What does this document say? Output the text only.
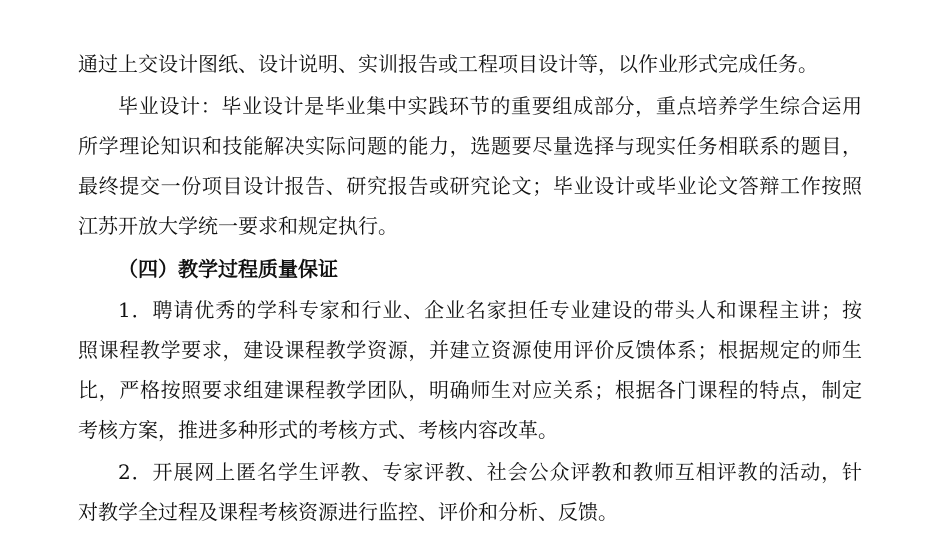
通过上交设计图纸、设计说明、实训报告或工程项目设计等，以作业形式完成任务。
毕业设计：毕业设计是毕业集中实践环节的重要组成部分，重点培养学生综合运用
所学理论知识和技能解决实际问题的能力，选题要尽量选择与现实任务相联系的题目，
最终提交一份项目设计报告、研究报告或研究论文；毕业设计或毕业论文答辩工作按照
江苏开放大学统一要求和规定执行。
（四）教学过程质量保证
1．聘请优秀的学科专家和行业、企业名家担任专业建设的带头人和课程主讲；按
照课程教学要求，建设课程教学资源，并建立资源使用评价反馈体系；根据规定的师生
比，严格按照要求组建课程教学团队，明确师生对应关系；根据各门课程的特点，制定
考核方案，推进多种形式的考核方式、考核内容改革。
2．开展网上匿名学生评教、专家评教、社会公众评教和教师互相评教的活动，针
对教学全过程及课程考核资源进行监控、评价和分析、反馈。
